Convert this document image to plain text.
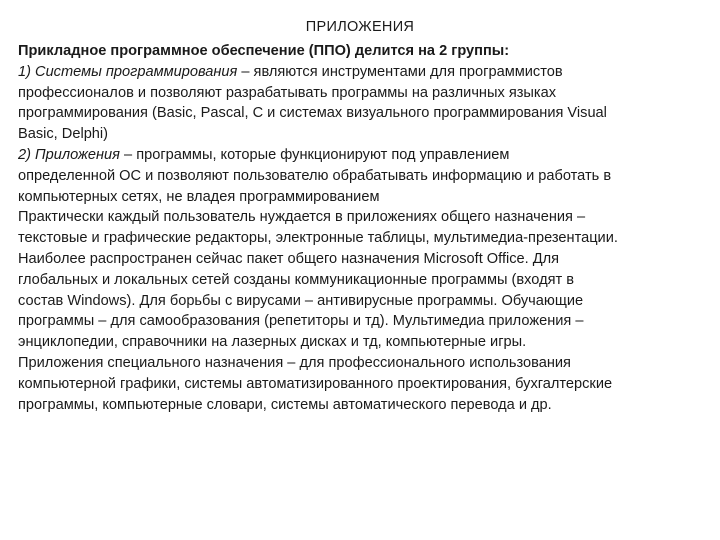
ПРИЛОЖЕНИЯ
Прикладное программное обеспечение (ППО) делится на 2 группы:
1) Системы программирования – являются инструментами для программистов
профессионалов и позволяют разрабатывать программы на различных языках
программирования (Basic, Pascal, C и системах визуального программирования Visual
Basic, Delphi)
2) Приложения – программы, которые функционируют под управлением
определенной ОС и позволяют пользователю обрабатывать информацию и работать в
компьютерных сетях, не владея программированием
Практически каждый пользователь нуждается в приложениях общего назначения –
текстовые и графические редакторы, электронные таблицы, мультимедиа-презентации.
Наиболее распространен сейчас пакет общего назначения Microsoft Office. Для
глобальных и локальных сетей созданы коммуникационные программы (входят в
состав Windows). Для борьбы с вирусами – антивирусные программы. Обучающие
программы – для самообразования (репетиторы и тд). Мультимедиа приложения –
энциклопедии, справочники на лазерных дисках и тд, компьютерные игры.
Приложения специального назначения – для профессионального использования
компьютерной графики, системы автоматизированного проектирования, бухгалтерские
программы, компьютерные словари, системы автоматического перевода и др.
